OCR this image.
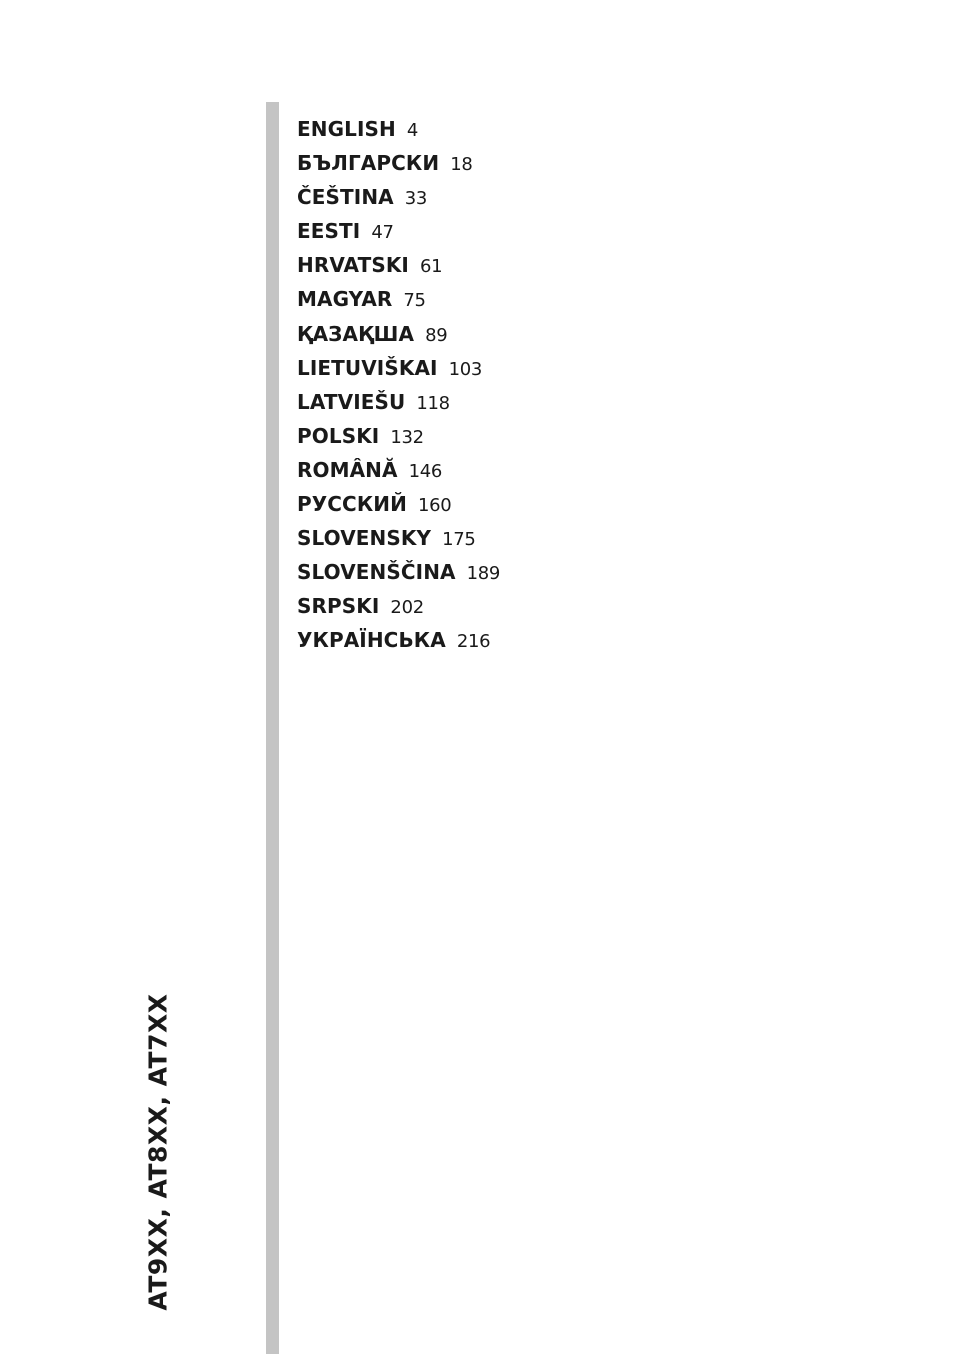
ENGLISH 4
БЪЛГАРСКИ 18
ČEŠTINA 33
EESTI 47
HRVATSKI 61
MAGYAR 75
ҚАЗАҚША 89
LIETUVIŠKAI 103
LATVIEŠU 118
POLSKI 132
ROMÂNĂ 146
РУССКИЙ 160
SLOVENSKY 175
SLOVENŠČINA 189
SRPSKI 202
УКРАЇНСЬКА 216
AT9XX, AT8XX, AT7XX
